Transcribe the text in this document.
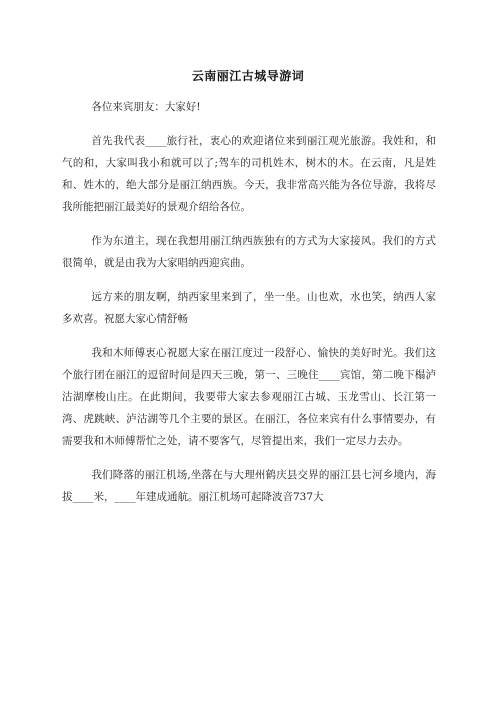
云南丽江古城导游词

各位来宾朋友：大家好!

首先我代表____旅行社，衷心的欢迎诸位来到丽江观光旅游。我姓和，和气的和，大家叫我小和就可以了;驾车的司机姓木，树木的木。在云南，凡是姓和、姓木的，绝大部分是丽江纳西族。今天，我非常高兴能为各位导游，我将尽我所能把丽江最美好的景观介绍给各位。

作为东道主，现在我想用丽江纳西族独有的方式为大家接风。我们的方式很简单，就是由我为大家唱纳西迎宾曲。

远方来的朋友啊，纳西家里来到了，坐一坐。山也欢，水也笑，纳西人家多欢喜。祝愿大家心情舒畅

我和木师傅衷心祝愿大家在丽江度过一段舒心、愉快的美好时光。我们这个旅行团在丽江的逗留时间是四天三晚，第一、三晚住____宾馆，第二晚下榻泸沽湖摩梭山庄。在此期间，我要带大家去参观丽江古城、玉龙雪山、长江第一湾、虎跳峡、泸沽湖等几个主要的景区。在丽江，各位来宾有什么事情要办，有需要我和木师傅帮忙之处，请不要客气，尽管提出来，我们一定尽力去办。

我们降落的丽江机场,坐落在与大理州鹤庆县交界的丽江县七河乡境内，海拔____米，____年建成通航。丽江机场可起降波音737大
